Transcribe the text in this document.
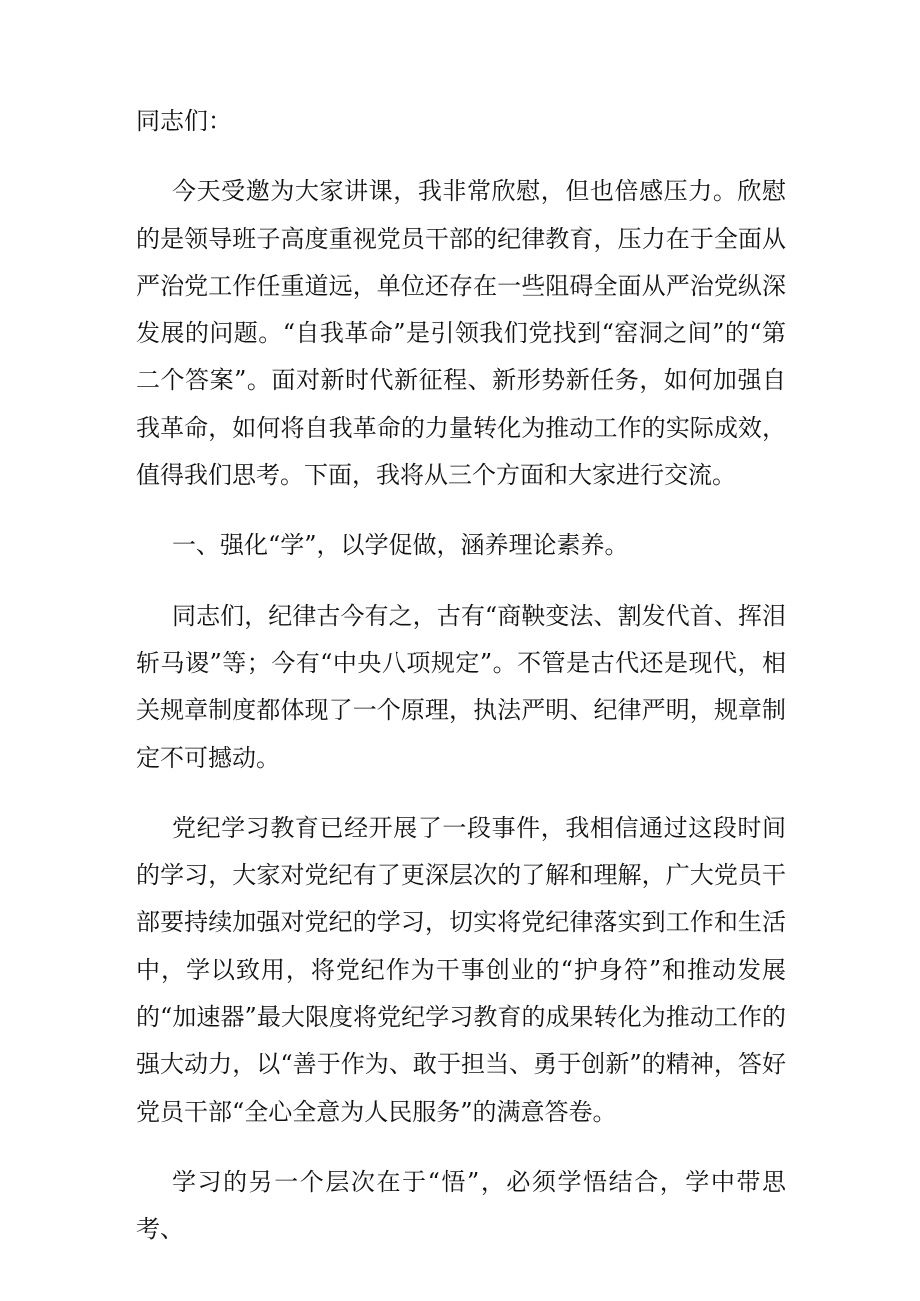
同志们：

今天受邀为大家讲课，我非常欣慰，但也倍感压力。欣慰的是领导班子高度重视党员干部的纪律教育，压力在于全面从严治党工作任重道远，单位还存在一些阻碍全面从严治党纵深发展的问题。“自我革命”是引领我们党找到“窑洞之间”的“第二个答案”。面对新时代新征程、新形势新任务，如何加强自我革命，如何将自我革命的力量转化为推动工作的实际成效，值得我们思考。下面，我将从三个方面和大家进行交流。

一、强化“学”，以学促做，涵养理论素养。

同志们，纪律古今有之，古有“商鞅变法、割发代首、挥泪斩马谡”等；今有“中央八项规定”。不管是古代还是现代，相关规章制度都体现了一个原理，执法严明、纪律严明，规章制定不可撼动。

党纪学习教育已经开展了一段事件，我相信通过这段时间的学习，大家对党纪有了更深层次的了解和理解，广大党员干部要持续加强对党纪的学习，切实将党纪律落实到工作和生活中，学以致用，将党纪作为干事创业的“护身符”和推动发展的“加速器”最大限度将党纪学习教育的成果转化为推动工作的强大动力，以“善于作为、敢于担当、勇于创新”的精神，答好党员干部“全心全意为人民服务”的满意答卷。

学习的另一个层次在于“悟”，必须学悟结合，学中带思考、
